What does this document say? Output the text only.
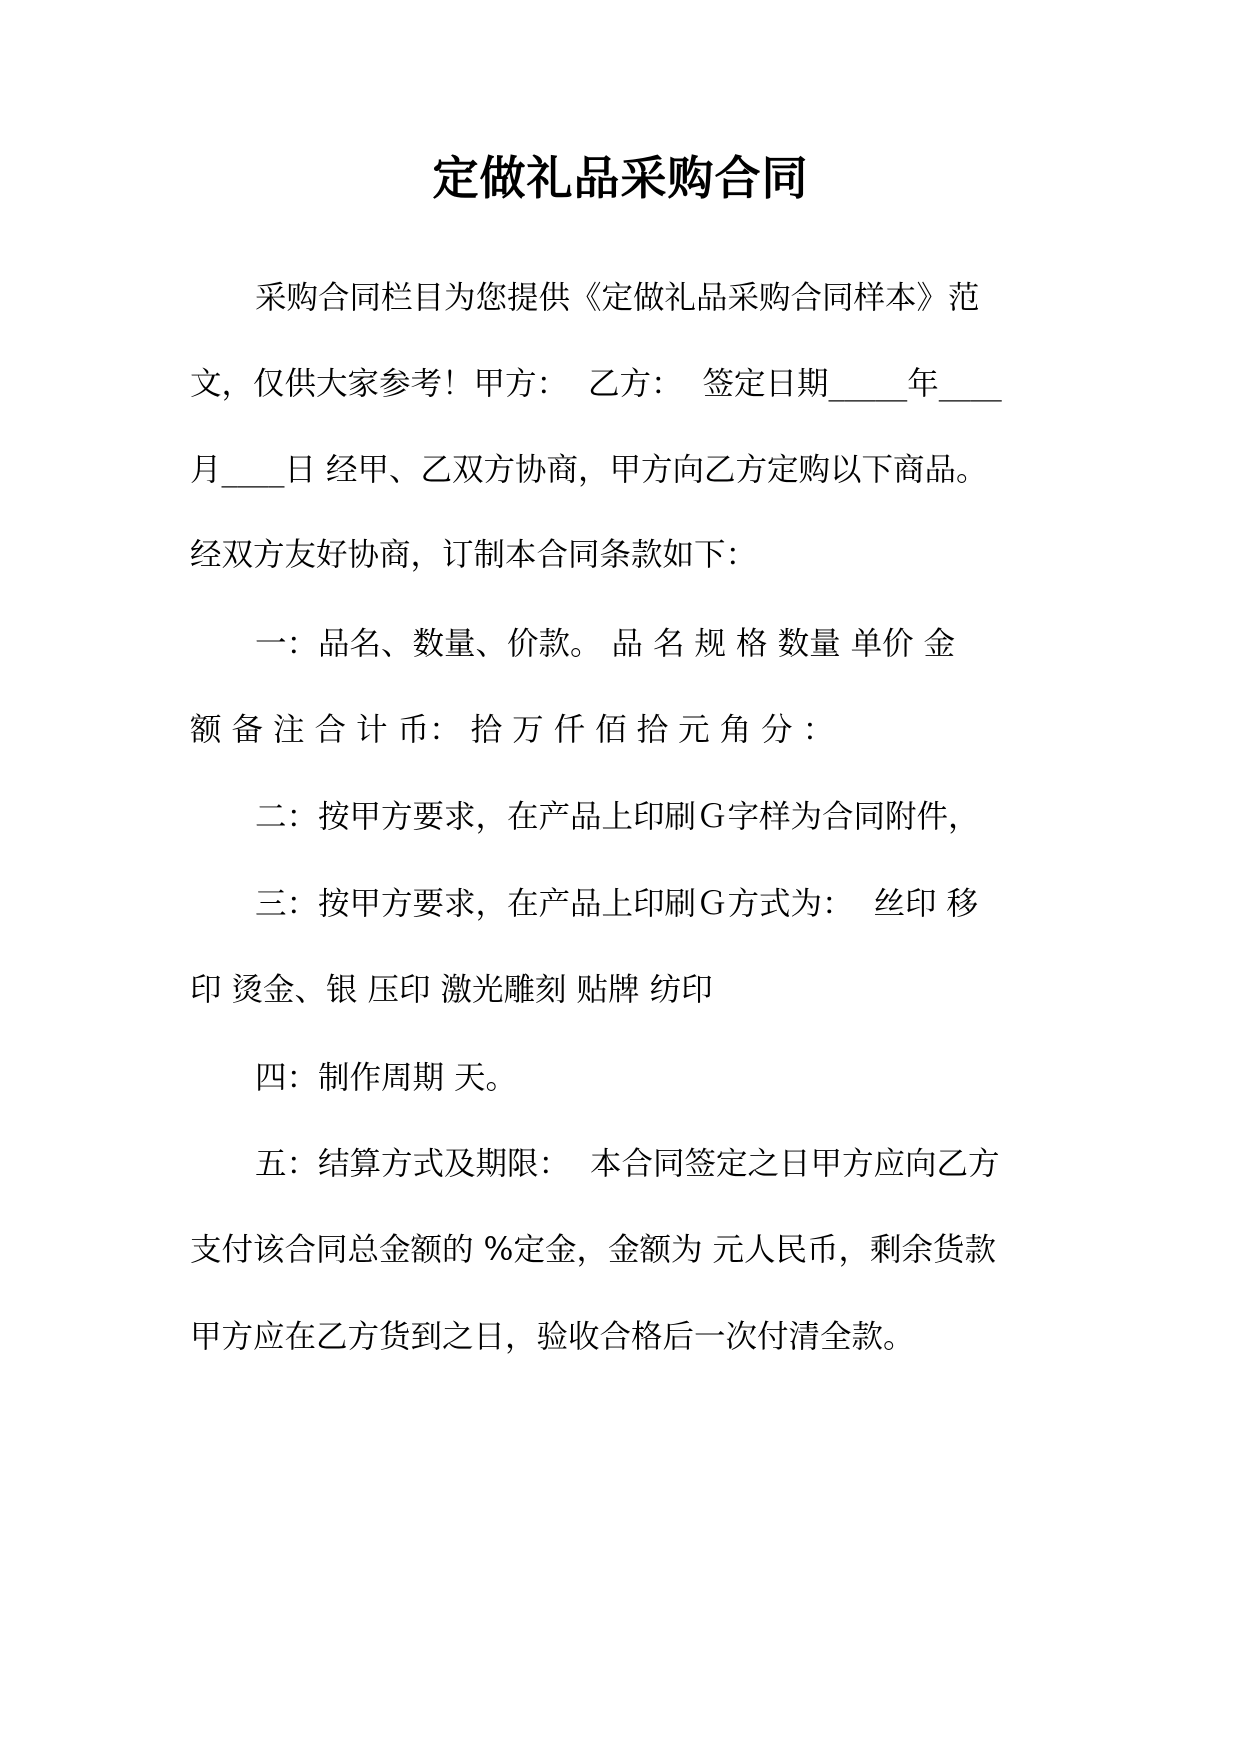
定做礼品采购合同
采购合同栏目为您提供《定做礼品采购合同样本》范
文，仅供大家参考！甲方：  乙方：  签定日期_____年____
月____日 经甲、乙双方协商，甲方向乙方定购以下商品。
经双方友好协商，订制本合同条款如下：
一：品名、数量、价款。 品 名 规 格 数量 单价 金
额 备 注 合 计 币： 拾 万 仟 佰 拾 元 角 分 ：
二：按甲方要求，在产品上印刷Ｇ字样为合同附件，
三：按甲方要求，在产品上印刷Ｇ方式为：  丝印 移
印 烫金、银 压印 激光雕刻 贴牌 纺印
四：制作周期 天。
五：结算方式及期限：  本合同签定之日甲方应向乙方
支付该合同总金额的 %定金，金额为 元人民币，剩余货款
甲方应在乙方货到之日，验收合格后一次付清全款。
